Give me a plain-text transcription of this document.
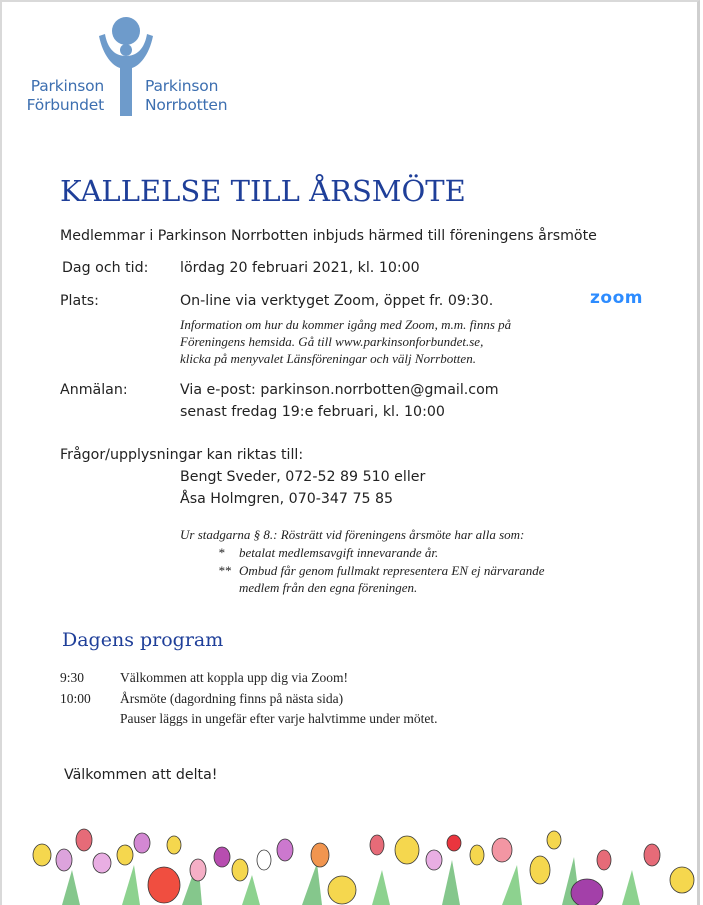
Parkinson
Förbundet
Parkinson
Norrbotten
KALLELSE TILL ÅRSMÖTE
Medlemmar i Parkinson Norrbotten inbjuds härmed till föreningens årsmöte
Dag och tid: lördag 20 februari 2021, kl. 10:00
Plats:	On-line via verktyget Zoom, öppet fr. 09:30.	zoom
Information om hur du kommer igång med Zoom, m.m. finns på
Föreningens hemsida. Gå till www.parkinsonforbundet.se,
klicka på menyvalet Länsföreningar och välj Norrbotten.
Anmälan:	Via e-post: parkinson.norrbotten@gmail.com
senast fredag 19:e februari, kl. 10:00
Frågor/upplysningar kan riktas till:
Bengt Sveder, 072-52 89 510 eller
Åsa Holmgren, 070-347 75 85
Ur stadgarna § 8.: Rösträtt vid föreningens årsmöte har alla som:
* betalat medlemsavgift innevarande år.
** Ombud får genom fullmakt representera EN ej närvarande
medlem från den egna föreningen.
Dagens program
9:30	Välkommen att koppla upp dig via Zoom!
10:00 Årsmöte (dagordning finns på nästa sida)
Pauser läggs in ungefär efter varje halvtimme under mötet.
Välkommen att delta!
